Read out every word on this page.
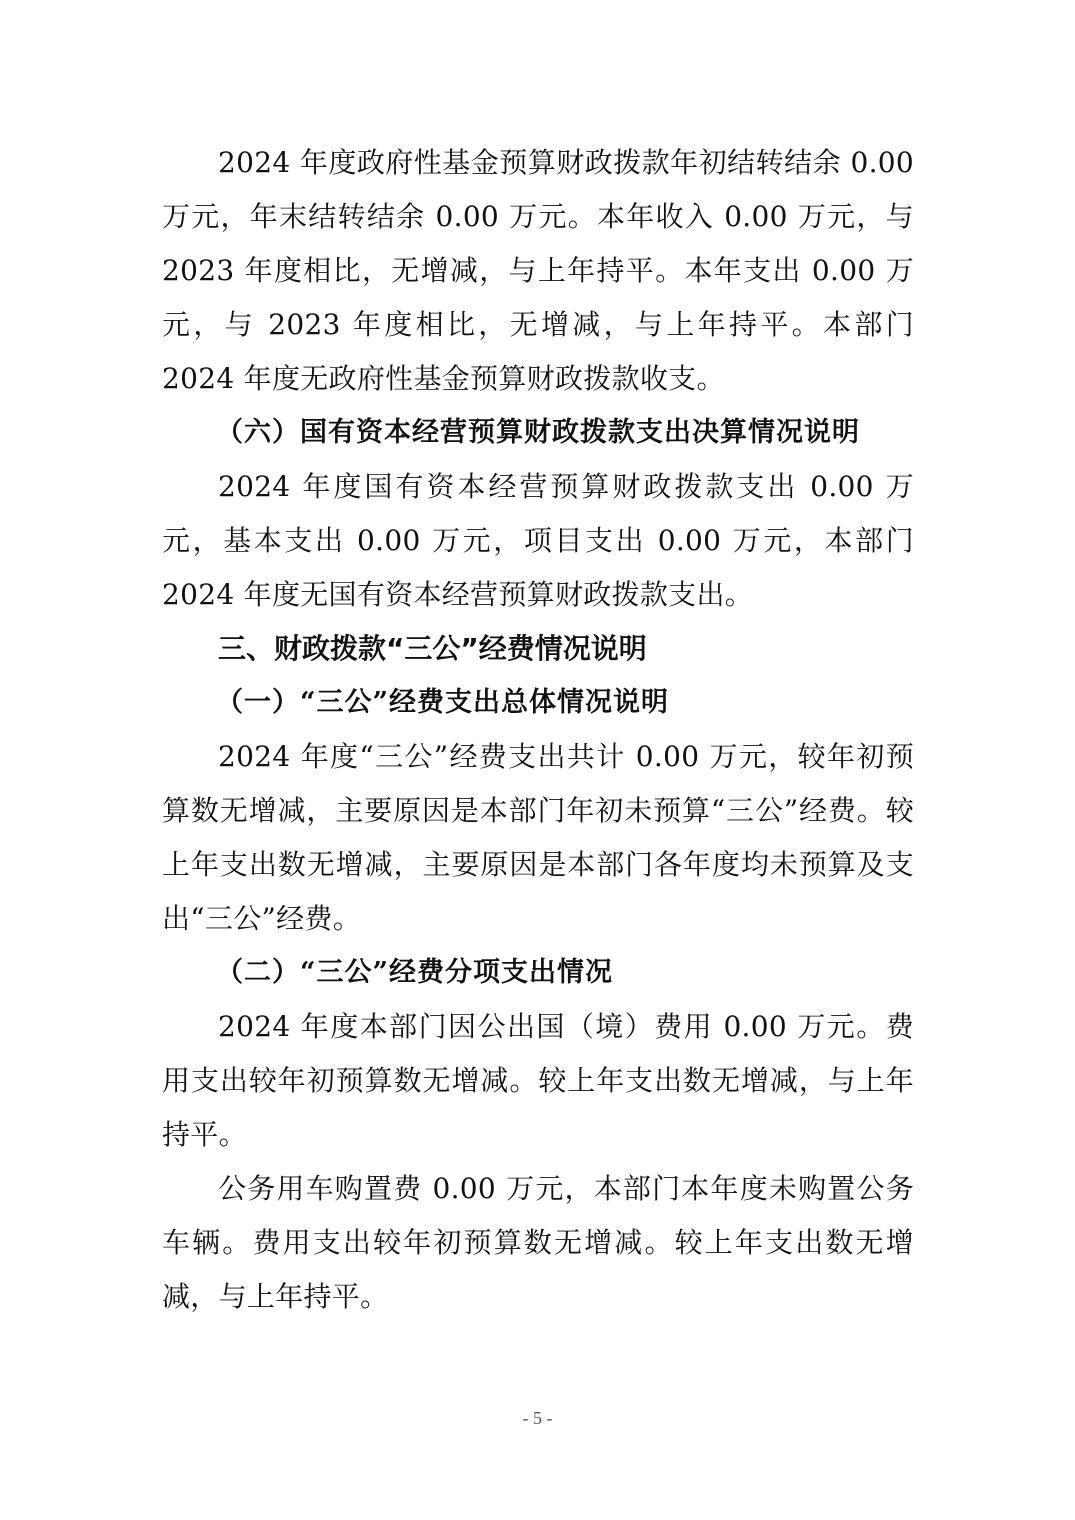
2024 年度政府性基金预算财政拨款年初结转结余 0.00 万元，年末结转结余 0.00 万元。本年收入 0.00 万元，与 2023 年度相比，无增减，与上年持平。本年支出 0.00 万元，与 2023 年度相比，无增减，与上年持平。本部门 2024 年度无政府性基金预算财政拨款收支。

（六）国有资本经营预算财政拨款支出决算情况说明

2024 年度国有资本经营预算财政拨款支出 0.00 万元，基本支出 0.00 万元，项目支出 0.00 万元，本部门 2024 年度无国有资本经营预算财政拨款支出。

三、财政拨款“三公”经费情况说明

（一）“三公”经费支出总体情况说明

2024 年度“三公”经费支出共计 0.00 万元，较年初预算数无增减，主要原因是本部门年初未预算“三公”经费。较上年支出数无增减，主要原因是本部门各年度均未预算及支出“三公”经费。

（二）“三公”经费分项支出情况

2024 年度本部门因公出国（境）费用 0.00 万元。费用支出较年初预算数无增减。较上年支出数无增减，与上年持平。

公务用车购置费 0.00 万元，本部门本年度未购置公务车辆。费用支出较年初预算数无增减。较上年支出数无增减，与上年持平。

- 5 -
